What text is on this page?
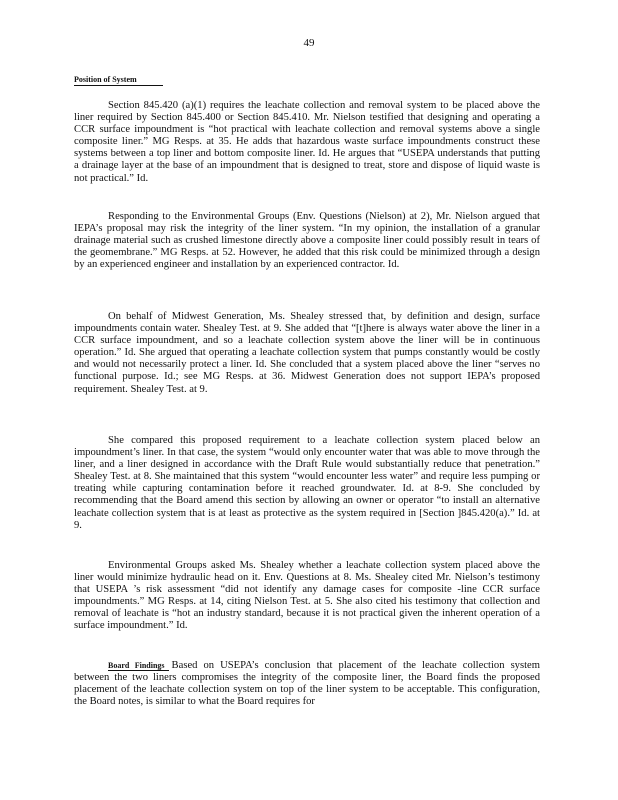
49
Position of System

Section 845.420 (a)(1) requires the leachate collection and removal system to be placed above the liner required by Section 845.400 or Section 845.410. Mr. Nielson testified that designing and operating a CCR surface impoundment is “hot practical with leachate collection and removal systems above a single composite liner.” MG Resps. at 35. He adds that hazardous waste surface impoundments construct these systems between a top liner and bottom composite liner. Id. He argues that “USEPA understands that putting a drainage layer at the base of an impoundment that is designed to treat, store and dispose of liquid waste is not practical.” Id.

Responding to the Environmental Groups (Env. Questions (Nielson) at 2), Mr. Nielson argued that IEPA’s proposal may risk the integrity of the liner system. “In my opinion, the installation of a granular drainage material such as crushed limestone directly above a composite liner could possibly result in tears of the geomembrane.” MG Resps. at 52. However, he added that this risk could be minimized through a design by an experienced engineer and installation by an experienced contractor. Id.

On behalf of Midwest Generation, Ms. Shealey stressed that, by definition and design, surface impoundments contain water. Shealey Test. at 9. She added that “[t]here is always water above the liner in a CCR surface impoundment, and so a leachate collection system above the liner will be in continuous operation.” Id. She argued that operating a leachate collection system that pumps constantly would be costly and would not necessarily protect a liner. Id. She concluded that a system placed above the liner “serves no functional purpose. Id.; see MG Resps. at 36. Midwest Generation does not support IEPA’s proposed requirement. Shealey Test. at 9.

She compared this proposed requirement to a leachate collection system placed below an impoundment’s liner. In that case, the system “would only encounter water that was able to move through the liner, and a liner designed in accordance with the Draft Rule would substantially reduce that penetration.” Shealey Test. at 8. She maintained that this system “would encounter less water” and require less pumping or treating while capturing contamination before it reached groundwater. Id. at 8-9. She concluded by recommending that the Board amend this section by allowing an owner or operator “to install an alternative leachate collection system that is at least as protective as the system required in [Section ]845.420(a).” Id. at 9.

Environmental Groups asked Ms. Shealey whether a leachate collection system placed above the liner would minimize hydraulic head on it. Env. Questions at 8. Ms. Shealey cited Mr. Nielson’s testimony that USEPA ’s risk assessment “did not identify any damage cases for composite -line CCR surface impoundments.” MG Resps. at 14, citing Nielson Test. at 5. She also cited his testimony that collection and removal of leachate is “hot an industry standard, because it is not practical given the inherent operation of a surface impoundment.” Id.

Board Findings Based on USEPA’s conclusion that placement of the leachate collection system between the two liners compromises the integrity of the composite liner, the Board finds the proposed placement of the leachate collection system on top of the liner system to be acceptable. This configuration, the Board notes, is similar to what the Board requires for
